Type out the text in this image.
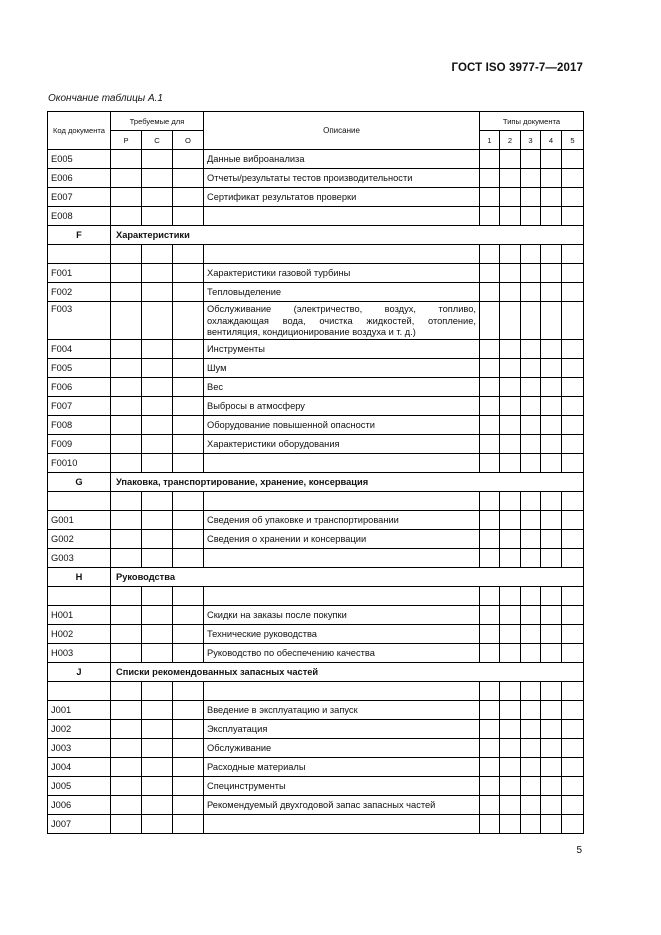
ГОСТ ISO 3977-7—2017
Окончание таблицы А.1
Код документа	Требуемые для			Описание	Типы документа				
	P	C	O		1	2	3	4	5
E005				Данные виброанализа					
E006				Отчеты/результаты тестов производительности					
E007				Сертификат результатов проверки					
E008									
F	Характеристики								

F001				Характеристики газовой турбины					
F002				Тепловыделение					
F003				Обслуживание (электричество, воздух, топливо, охлаждающая вода, очистка жидкостей, отопление, вентиляция, кондиционирование воздуха и т. д.)					
F004				Инструменты					
F005				Шум					
F006				Вес					
F007				Выбросы в атмосферу					
F008				Оборудование повышенной опасности					
F009				Характеристики оборудования					
F0010									
G	Упаковка, транспортирование, хранение, консервация								

G001				Сведения об упаковке и транспортировании					
G002				Сведения о хранении и консервации					
G003									
H	Руководства								

H001				Скидки на заказы после покупки					
H002				Технические руководства					
H003				Руководство по обеспечению качества					
J	Списки рекомендованных запасных частей								

J001				Введение в эксплуатацию и запуск					
J002				Эксплуатация					
J003				Обслуживание					
J004				Расходные материалы					
J005				Специнструменты					
J006				Рекомендуемый двухгодовой запас запасных частей					
J007									
5
